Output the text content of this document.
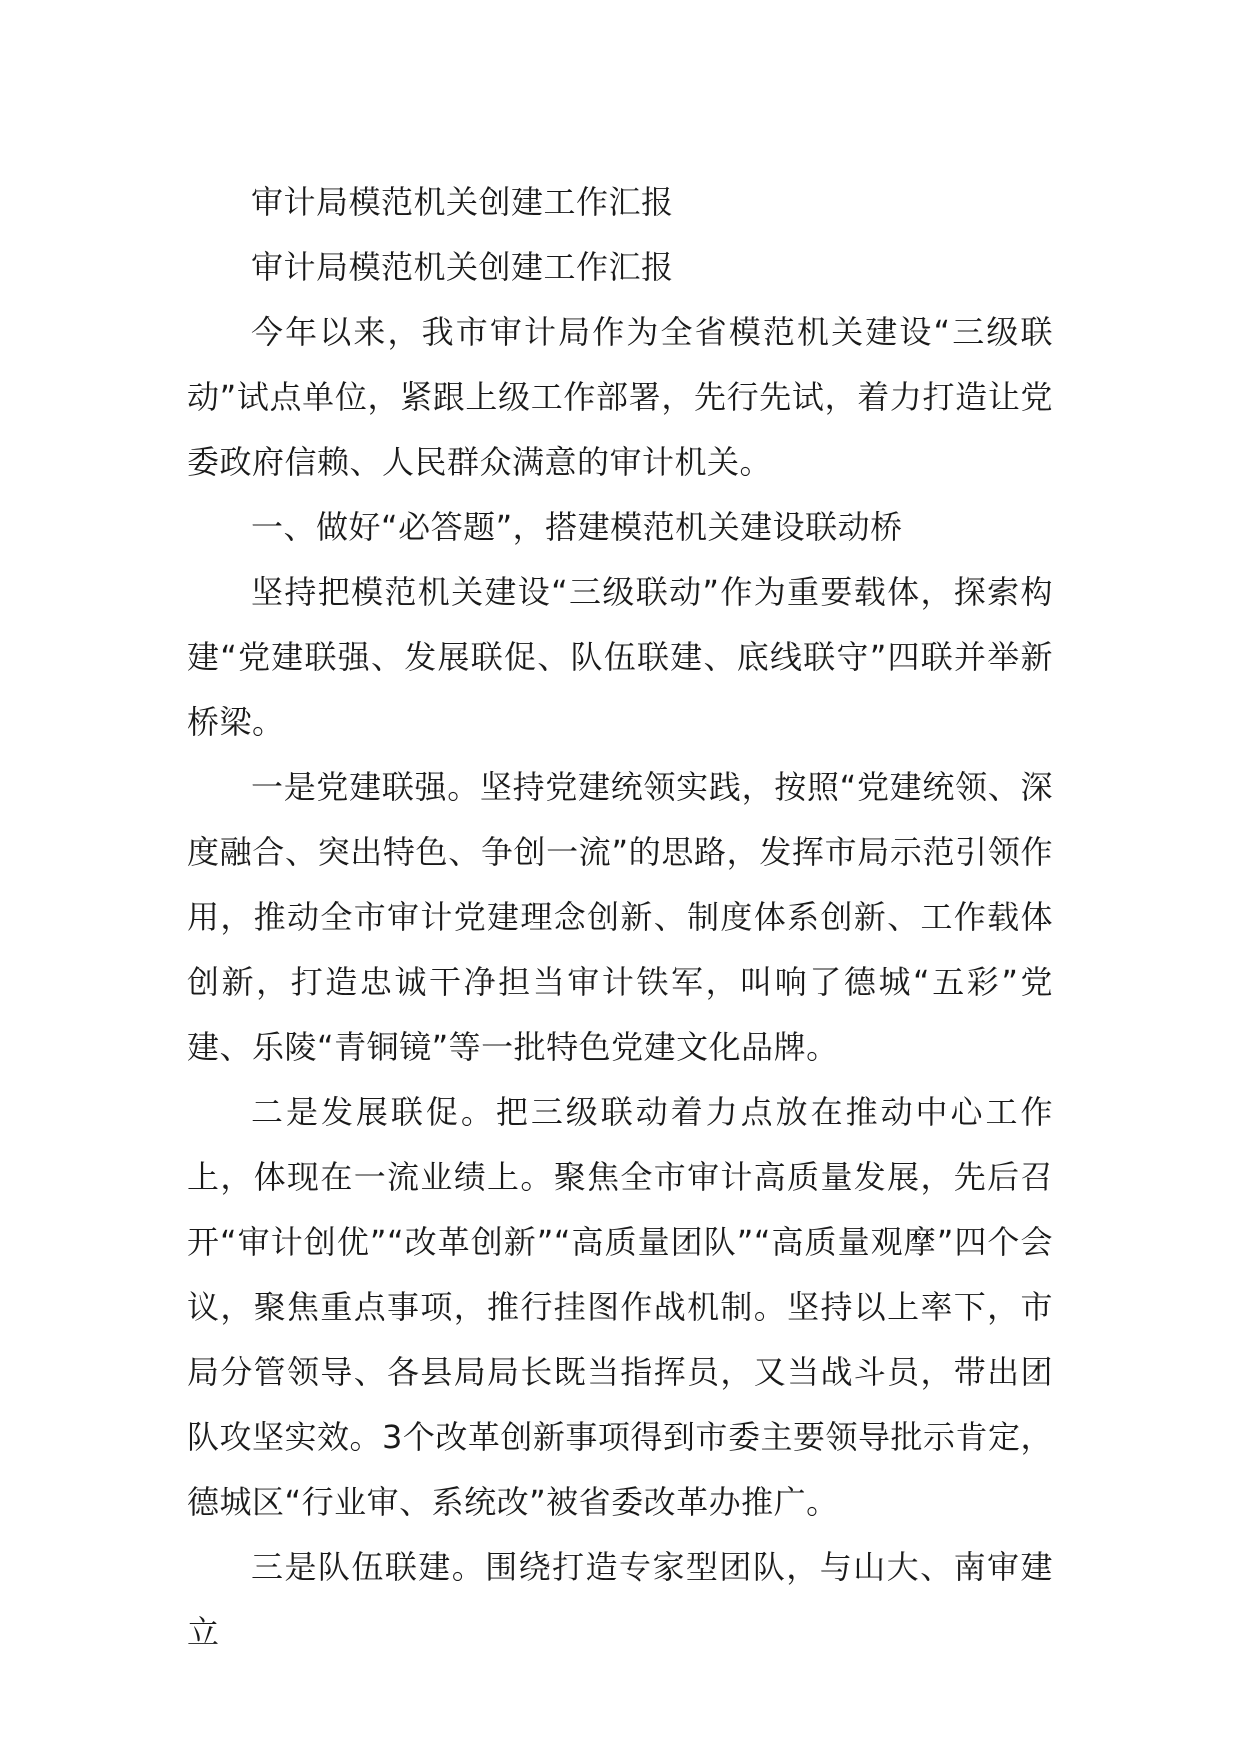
审计局模范机关创建工作汇报

审计局模范机关创建工作汇报

今年以来，我市审计局作为全省模范机关建设“三级联动”试点单位，紧跟上级工作部署，先行先试，着力打造让党委政府信赖、人民群众满意的审计机关。

一、做好“必答题”，搭建模范机关建设联动桥

坚持把模范机关建设“三级联动”作为重要载体，探索构建“党建联强、发展联促、队伍联建、底线联守”四联并举新桥梁。

一是党建联强。坚持党建统领实践，按照“党建统领、深度融合、突出特色、争创一流”的思路，发挥市局示范引领作用，推动全市审计党建理念创新、制度体系创新、工作载体创新，打造忠诚干净担当审计铁军，叫响了德城“五彩”党建、乐陵“青铜镜”等一批特色党建文化品牌。

二是发展联促。把三级联动着力点放在推动中心工作上，体现在一流业绩上。聚焦全市审计高质量发展，先后召开“审计创优”“改革创新”“高质量团队”“高质量观摩”四个会议，聚焦重点事项，推行挂图作战机制。坚持以上率下，市局分管领导、各县局局长既当指挥员，又当战斗员，带出团队攻坚实效。3个改革创新事项得到市委主要领导批示肯定，德城区“行业审、系统改”被省委改革办推广。

三是队伍联建。围绕打造专家型团队，与山大、南审建立
